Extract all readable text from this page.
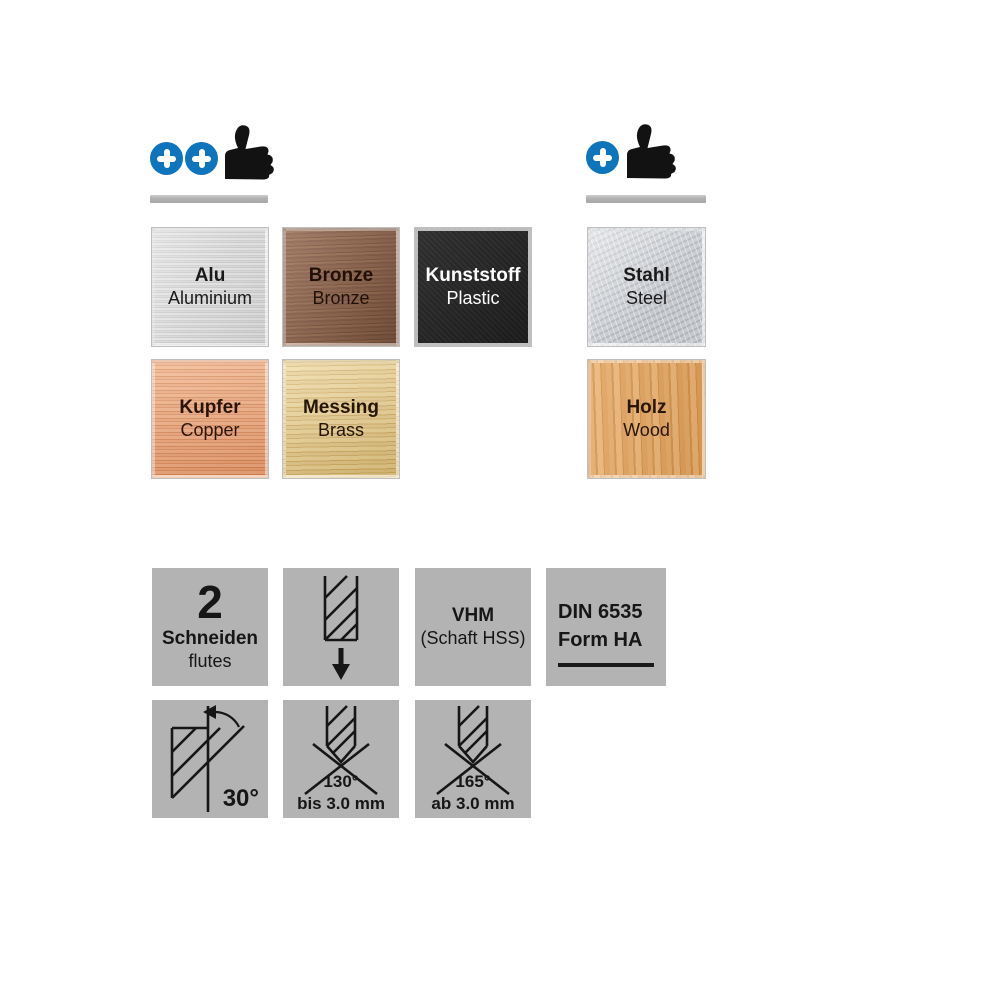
Alu
Aluminium
Bronze
Bronze
Kunststoff
Plastic
Stahl
Steel
Kupfer
Copper
Messing
Brass
Holz
Wood
2
Schneiden
flutes
VHM
(Schaft HSS)
DIN 6535
Form HA
30°
130°
bis 3.0 mm
165°
ab 3.0 mm
